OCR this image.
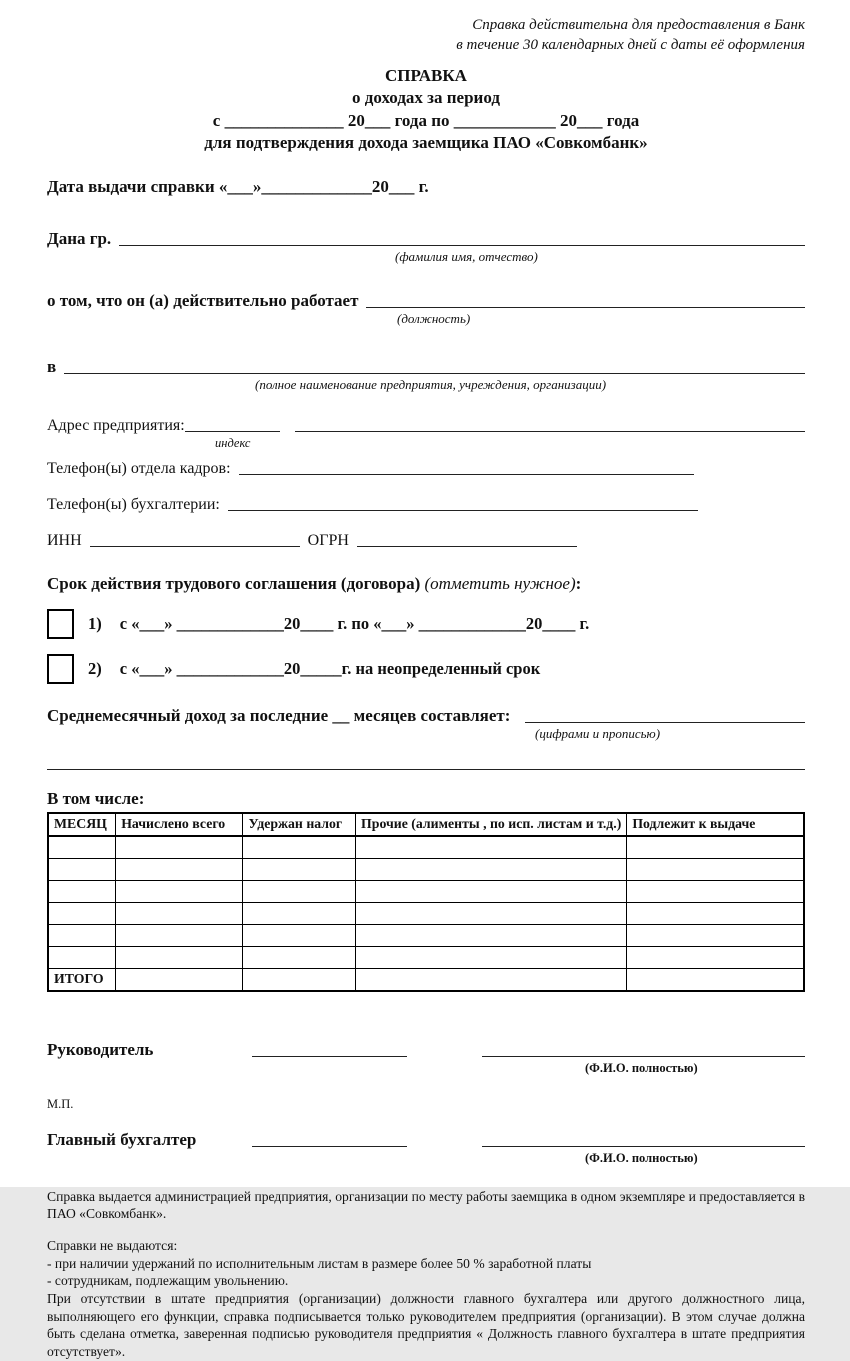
Справка действительна для предоставления в Банк
в течение 30 календарных дней с даты её оформления
СПРАВКА
о доходах за период
с ______________ 20___ года по ____________ 20___ года
для подтверждения дохода заемщика ПАО «Совкомбанк»
Дата выдачи справки «___»_____________20___ г.
Дана гр.
(фамилия имя, отчество)
о том, что он (а) действительно работает
(должность)
в
(полное наименование предприятия, учреждения, организации)
Адрес предприятия:
индекс
Телефон(ы) отдела кадров:
Телефон(ы) бухгалтерии:
ИНН	ОГРН
Срок действия трудового соглашения (договора) (отметить нужное):
1) с «___» _____________20____ г. по «___» _____________20____ г.
2) с «___» _____________20_____г. на неопределенный срок
Среднемесячный доход за последние __ месяцев составляет:
(цифрами и прописью)
В том числе:
МЕСЯЦ	Начислено всего	Удержан налог	Прочие (алименты , по исп. листам и т.д.)	Подлежит к выдаче

ИТОГО				
Руководитель
(Ф.И.О. полностью)
М.П.
Главный бухгалтер
(Ф.И.О. полностью)
Справка выдается администрацией предприятия, организации по месту работы заемщика в одном экземпляре и предоставляется в ПАО «Совкомбанк».
Справки не выдаются:
- при наличии удержаний по исполнительным листам в размере более 50 % заработной платы
- сотрудникам, подлежащим увольнению.
При отсутствии в штате предприятия (организации) должности главного бухгалтера или другого должностного лица, выполняющего его функции, справка подписывается только руководителем предприятия (организации). В этом случае должна быть сделана отметка, заверенная подписью руководителя предприятия « Должность главного бухгалтера в штате предприятия отсутствует».
